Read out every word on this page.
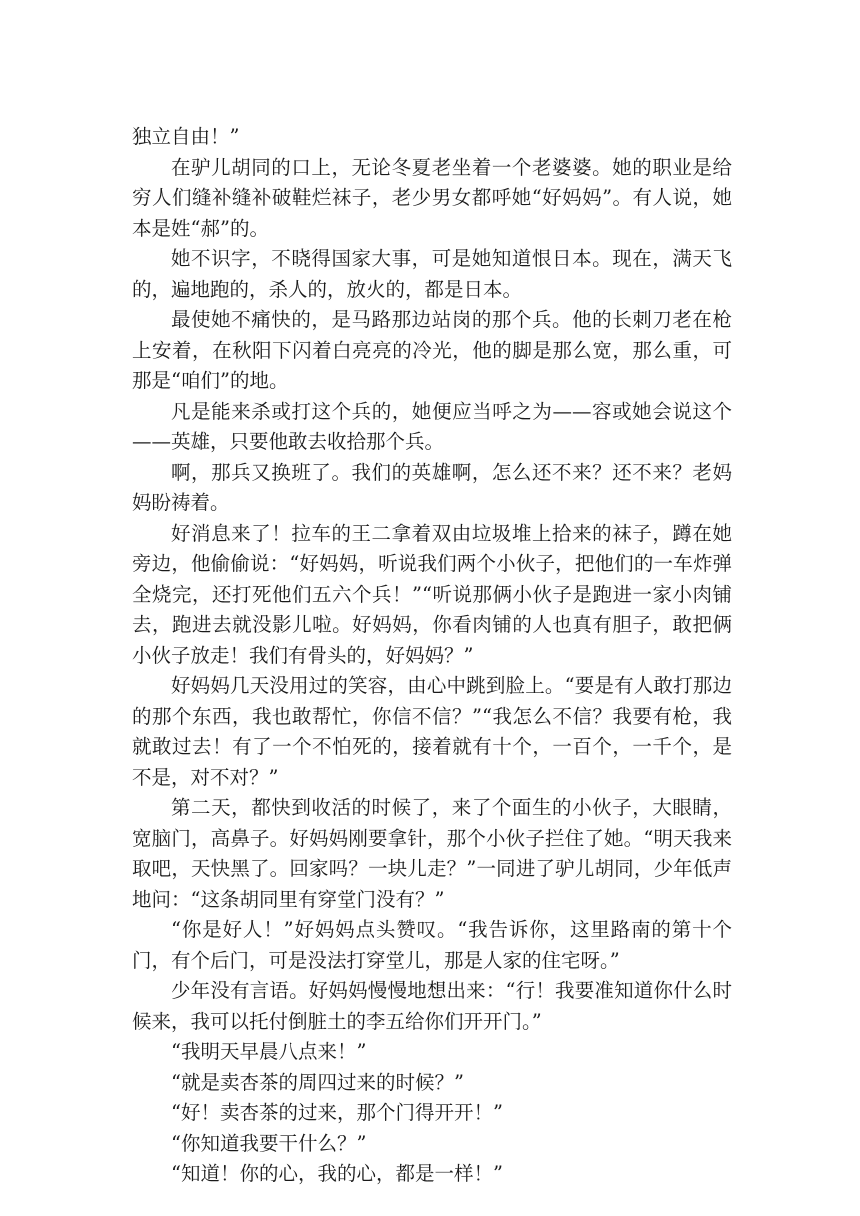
独立自由！”

在驴儿胡同的口上，无论冬夏老坐着一个老婆婆。她的职业是给穷人们缝补缝补破鞋烂袜子，老少男女都呼她“好妈妈”。有人说，她本是姓“郝”的。

她不识字，不晓得国家大事，可是她知道恨日本。现在，满天飞的，遍地跑的，杀人的，放火的，都是日本。

最使她不痛快的，是马路那边站岗的那个兵。他的长刺刀老在枪上安着，在秋阳下闪着白亮亮的冷光，他的脚是那么宽，那么重，可那是“咱们”的地。

凡是能来杀或打这个兵的，她便应当呼之为——容或她会说这个——英雄，只要他敢去收拾那个兵。

啊，那兵又换班了。我们的英雄啊，怎么还不来？还不来？老妈妈盼祷着。

好消息来了！拉车的王二拿着双由垃圾堆上拾来的袜子，蹲在她旁边，他偷偷说：“好妈妈，听说我们两个小伙子，把他们的一车炸弹全烧完，还打死他们五六个兵！”“听说那俩小伙子是跑进一家小肉铺去，跑进去就没影儿啦。好妈妈，你看肉铺的人也真有胆子，敢把俩小伙子放走！我们有骨头的，好妈妈？”

好妈妈几天没用过的笑容，由心中跳到脸上。“要是有人敢打那边的那个东西，我也敢帮忙，你信不信？”“我怎么不信？我要有枪，我就敢过去！有了一个不怕死的，接着就有十个，一百个，一千个，是不是，对不对？”

第二天，都快到收活的时候了，来了个面生的小伙子，大眼睛，宽脑门，高鼻子。好妈妈刚要拿针，那个小伙子拦住了她。“明天我来取吧，天快黑了。回家吗？一块儿走？”一同进了驴儿胡同，少年低声地问：“这条胡同里有穿堂门没有？”

“你是好人！”好妈妈点头赞叹。“我告诉你，这里路南的第十个门，有个后门，可是没法打穿堂儿，那是人家的住宅呀。”

少年没有言语。好妈妈慢慢地想出来：“行！我要准知道你什么时候来，我可以托付倒脏土的李五给你们开开门。”

“我明天早晨八点来！”

“就是卖杏茶的周四过来的时候？”

“好！卖杏茶的过来，那个门得开开！”

“你知道我要干什么？”

“知道！你的心，我的心，都是一样！”
